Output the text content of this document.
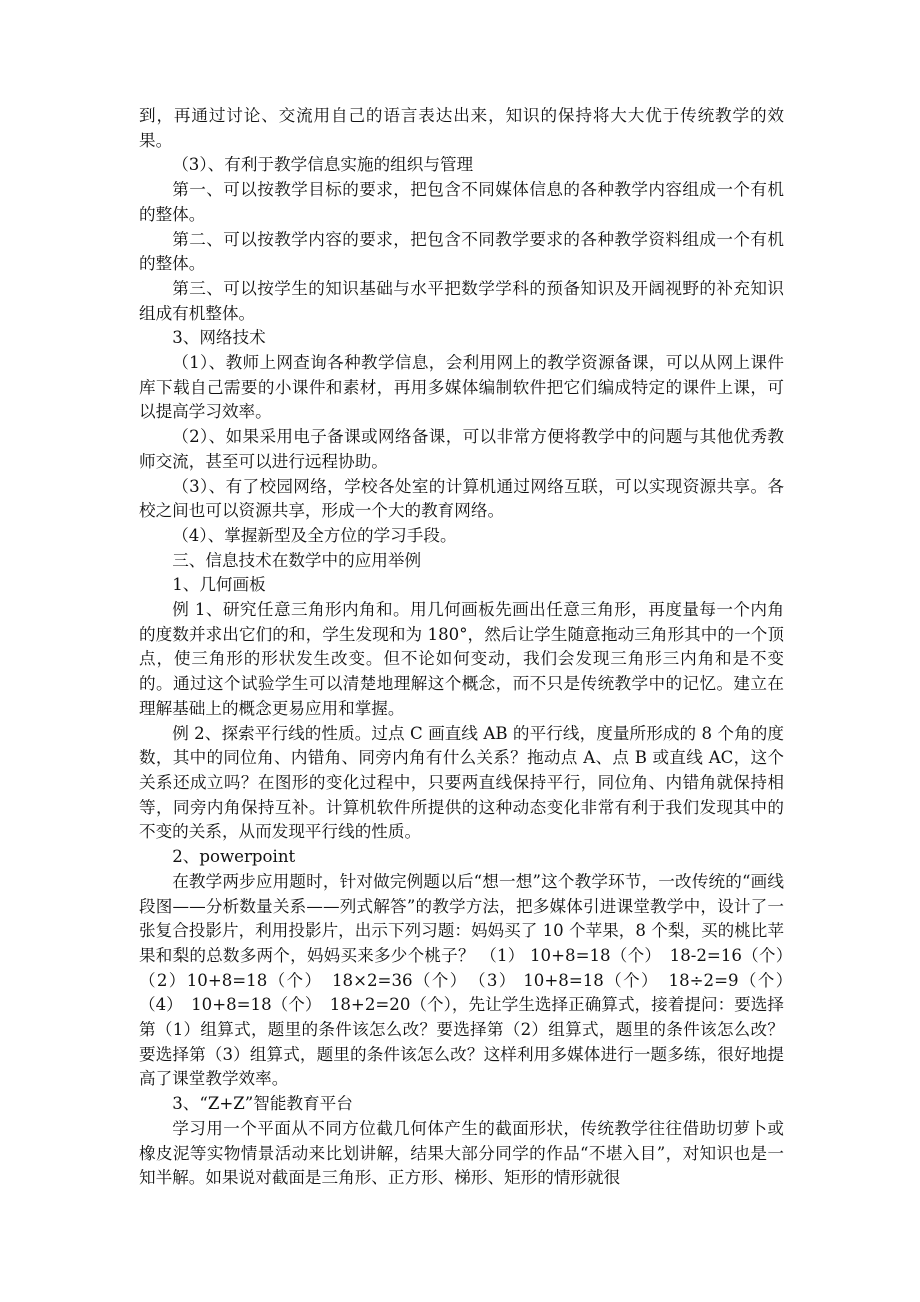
到，再通过讨论、交流用自己的语言表达出来，知识的保持将大大优于传统教学的效果。

（3）、有利于教学信息实施的组织与管理

第一、可以按教学目标的要求，把包含不同媒体信息的各种教学内容组成一个有机的整体。

第二、可以按教学内容的要求，把包含不同教学要求的各种教学资料组成一个有机的整体。

第三、可以按学生的知识基础与水平把数学学科的预备知识及开阔视野的补充知识组成有机整体。

3、网络技术

（1）、教师上网查询各种教学信息，会利用网上的教学资源备课，可以从网上课件库下载自己需要的小课件和素材，再用多媒体编制软件把它们编成特定的课件上课，可以提高学习效率。

（2）、如果采用电子备课或网络备课，可以非常方便将教学中的问题与其他优秀教师交流，甚至可以进行远程协助。

（3）、有了校园网络，学校各处室的计算机通过网络互联，可以实现资源共享。各校之间也可以资源共享，形成一个大的教育网络。

（4）、掌握新型及全方位的学习手段。

三、信息技术在数学中的应用举例

1、几何画板

例 1、研究任意三角形内角和。用几何画板先画出任意三角形，再度量每一个内角的度数并求出它们的和，学生发现和为 180°，然后让学生随意拖动三角形其中的一个顶点，使三角形的形状发生改变。但不论如何变动，我们会发现三角形三内角和是不变的。通过这个试验学生可以清楚地理解这个概念，而不只是传统教学中的记忆。建立在理解基础上的概念更易应用和掌握。

例 2、探索平行线的性质。过点 C 画直线 AB 的平行线，度量所形成的 8 个角的度数，其中的同位角、内错角、同旁内角有什么关系？拖动点 A、点 B 或直线 AC，这个关系还成立吗？在图形的变化过程中，只要两直线保持平行，同位角、内错角就保持相等，同旁内角保持互补。计算机软件所提供的这种动态变化非常有利于我们发现其中的不变的关系，从而发现平行线的性质。

2、powerpoint

在教学两步应用题时，针对做完例题以后“想一想”这个教学环节，一改传统的“画线段图——分析数量关系——列式解答”的教学方法，把多媒体引进课堂教学中，设计了一张复合投影片，利用投影片，出示下列习题：妈妈买了 10 个苹果，8 个梨，买的桃比苹果和梨的总数多两个，妈妈买来多少个桃子？ （1） 10+8=18（个）　18-2=16（个）　（2）10+8=18（个）　18×2=36（个）　（3） 10+8=18（个）　18÷2=9（个）　（4）　10+8=18（个）　18+2=20（个），先让学生选择正确算式，接着提问：要选择第（1）组算式，题里的条件该怎么改？要选择第（2）组算式，题里的条件该怎么改？要选择第（3）组算式，题里的条件该怎么改？这样利用多媒体进行一题多练，很好地提高了课堂教学效率。

3、“Z+Z”智能教育平台

学习用一个平面从不同方位截几何体产生的截面形状，传统教学往往借助切萝卜或橡皮泥等实物情景活动来比划讲解，结果大部分同学的作品“不堪入目”，对知识也是一知半解。如果说对截面是三角形、正方形、梯形、矩形的情形就很
